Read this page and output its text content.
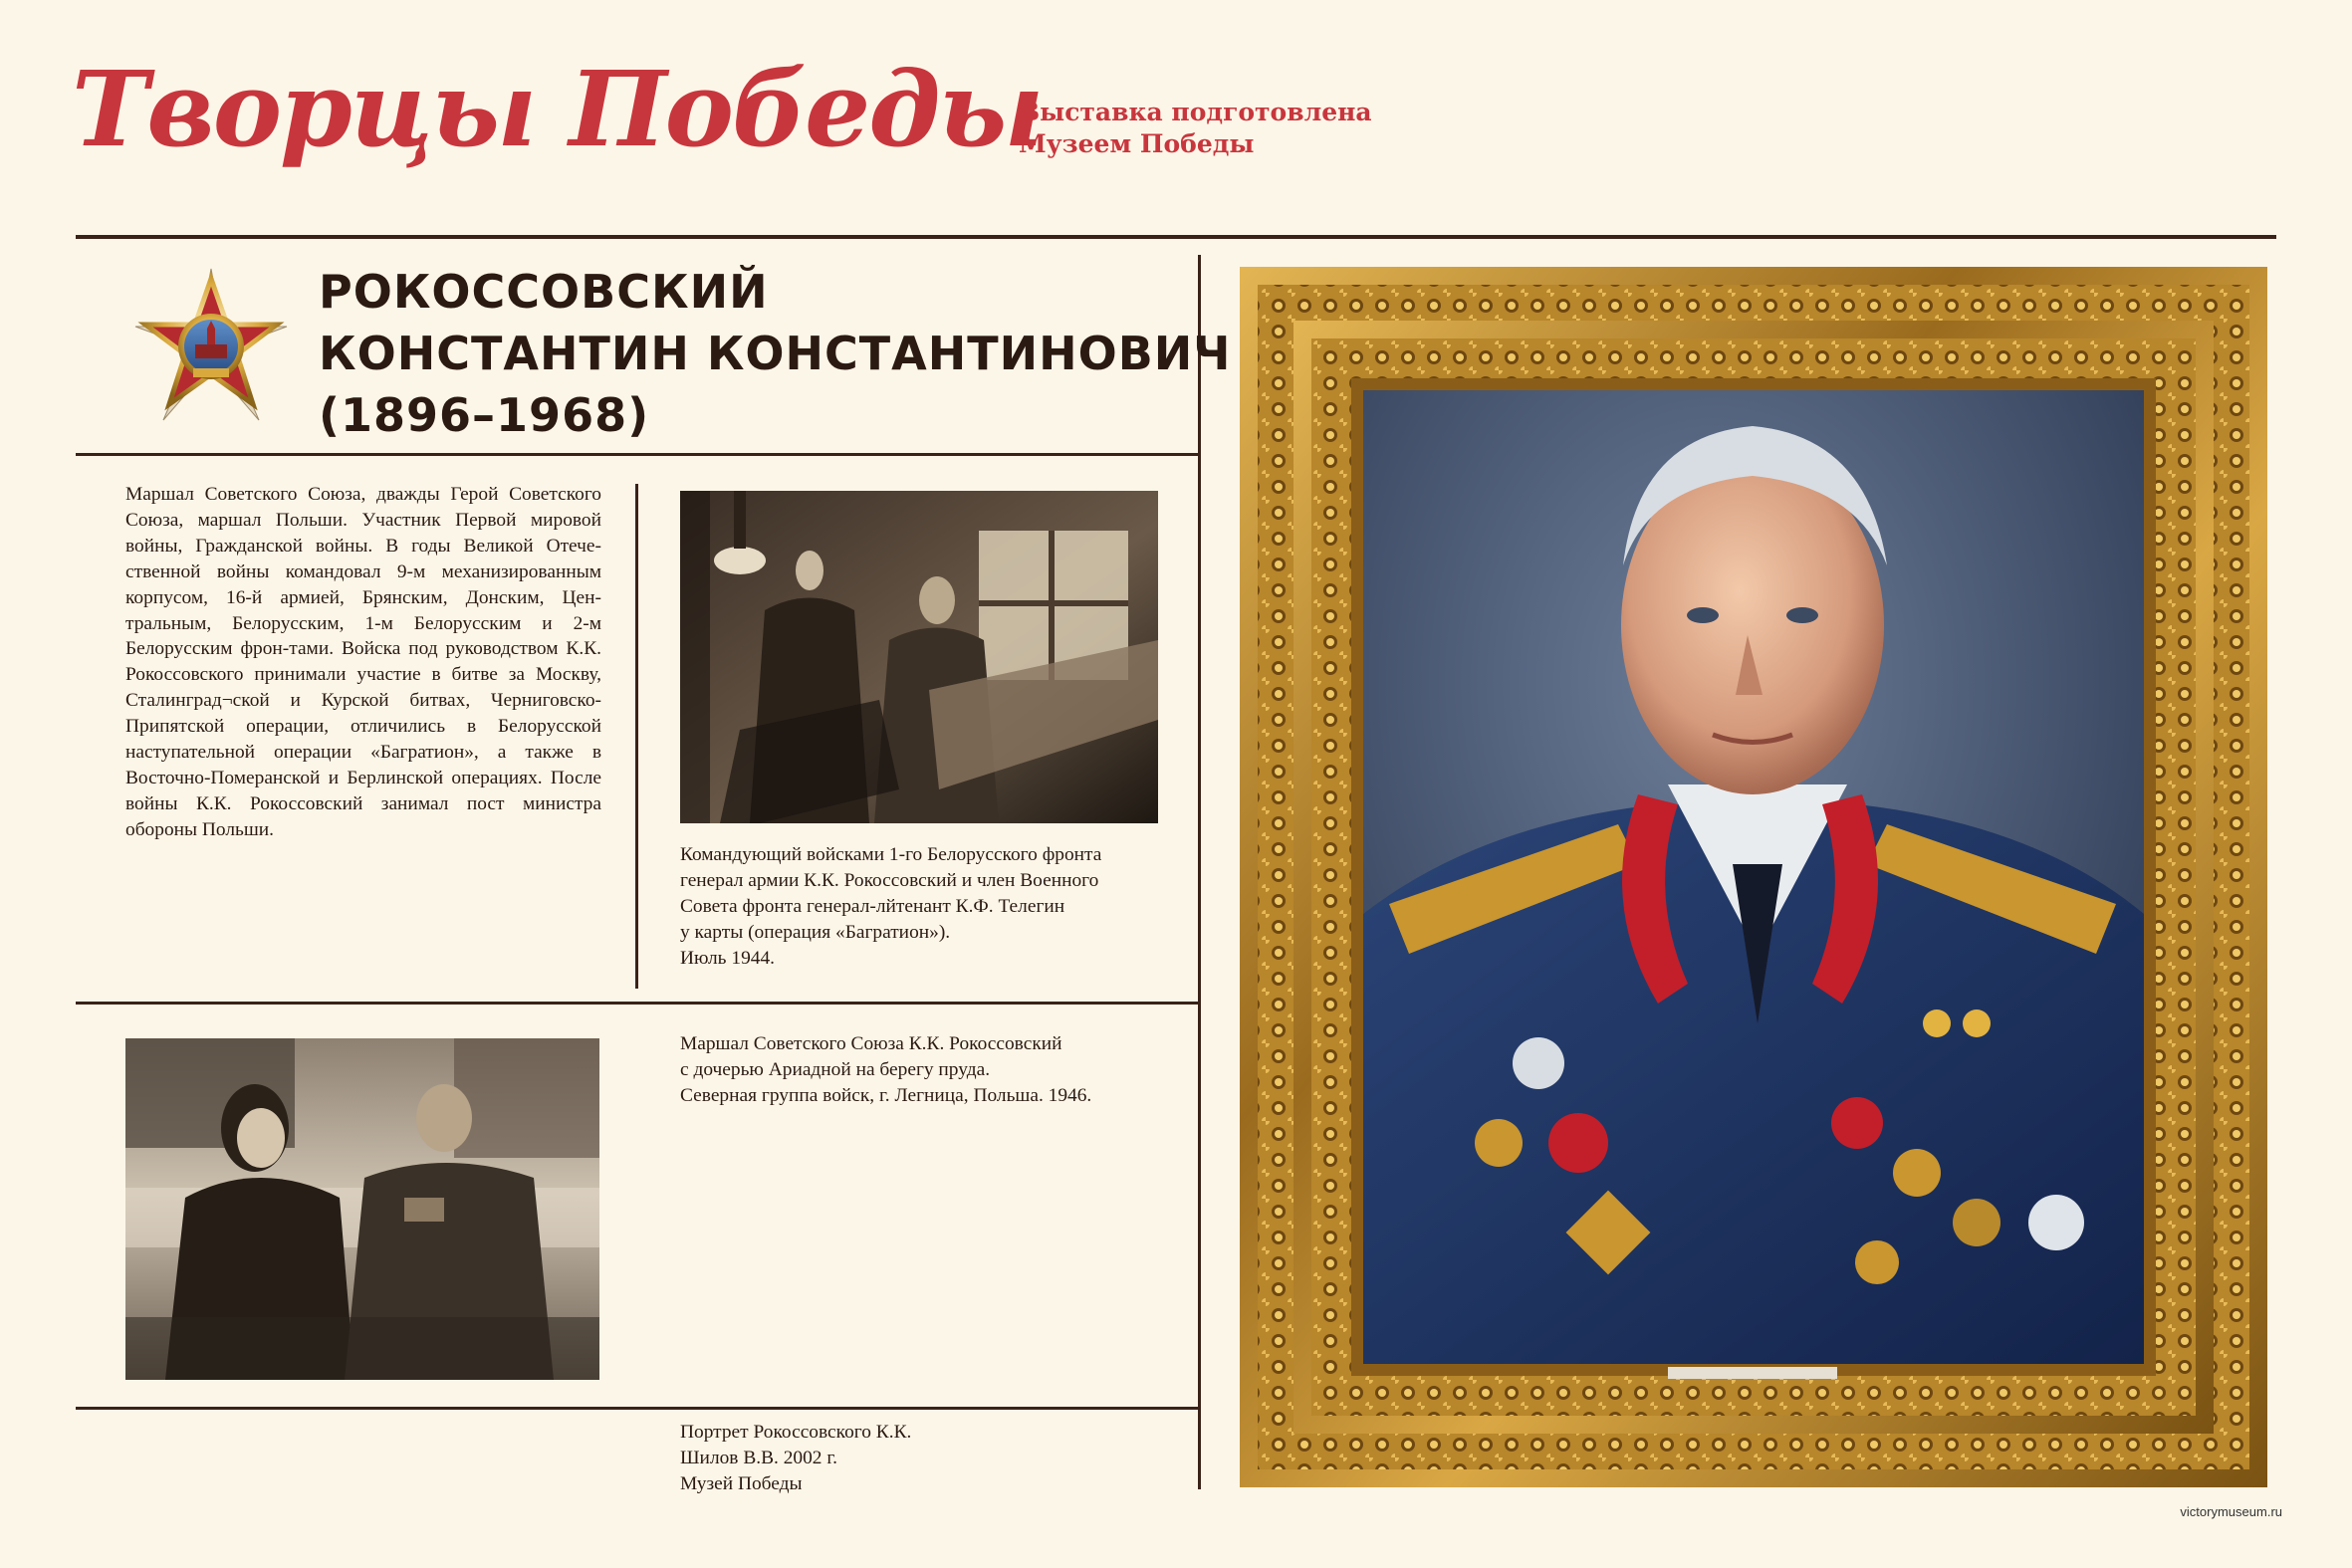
Творцы Победы
Выставка подготовлена
Музеем Победы
РОКОССОВСКИЙ
КОНСТАНТИН КОНСТАНТИНОВИЧ
(1896–1968)
Маршал Советского Союза, дважды Герой Советского Союза, маршал Польши. Участник Первой мировой войны, Гражданской войны. В годы Великой Отече-ственной войны командовал 9-м механизированным корпусом, 16-й армией, Брянским, Донским, Цен-тральным, Белорусским, 1-м Белорусским и 2-м Белорусским фрон-тами. Войска под руководством К.К. Рокоссовского принимали участие в битве за Москву, Сталинград¬ской и Курской битвах, Черниговско-Припятской операции, отличились в Белорусской наступательной операции «Багратион», а также в Восточно-Померанской и Берлинской операциях. После войны К.К. Рокоссовский занимал пост министра обороны Польши.
Командующий войсками 1-го Белорусского фронта
генерал армии К.К. Рокоссовский и член Военного
Совета фронта генерал-лйтенант К.Ф. Телегин
у карты (операция «Багратион»).
Июль 1944.
Маршал Советского Союза К.К. Рокоссовский
с дочерью Ариадной на берегу пруда.
Северная группа войск, г. Легница, Польша. 1946.
Портрет Рокоссовского К.К.
Шилов В.В. 2002 г.
Музей Победы
victorymuseum.ru
